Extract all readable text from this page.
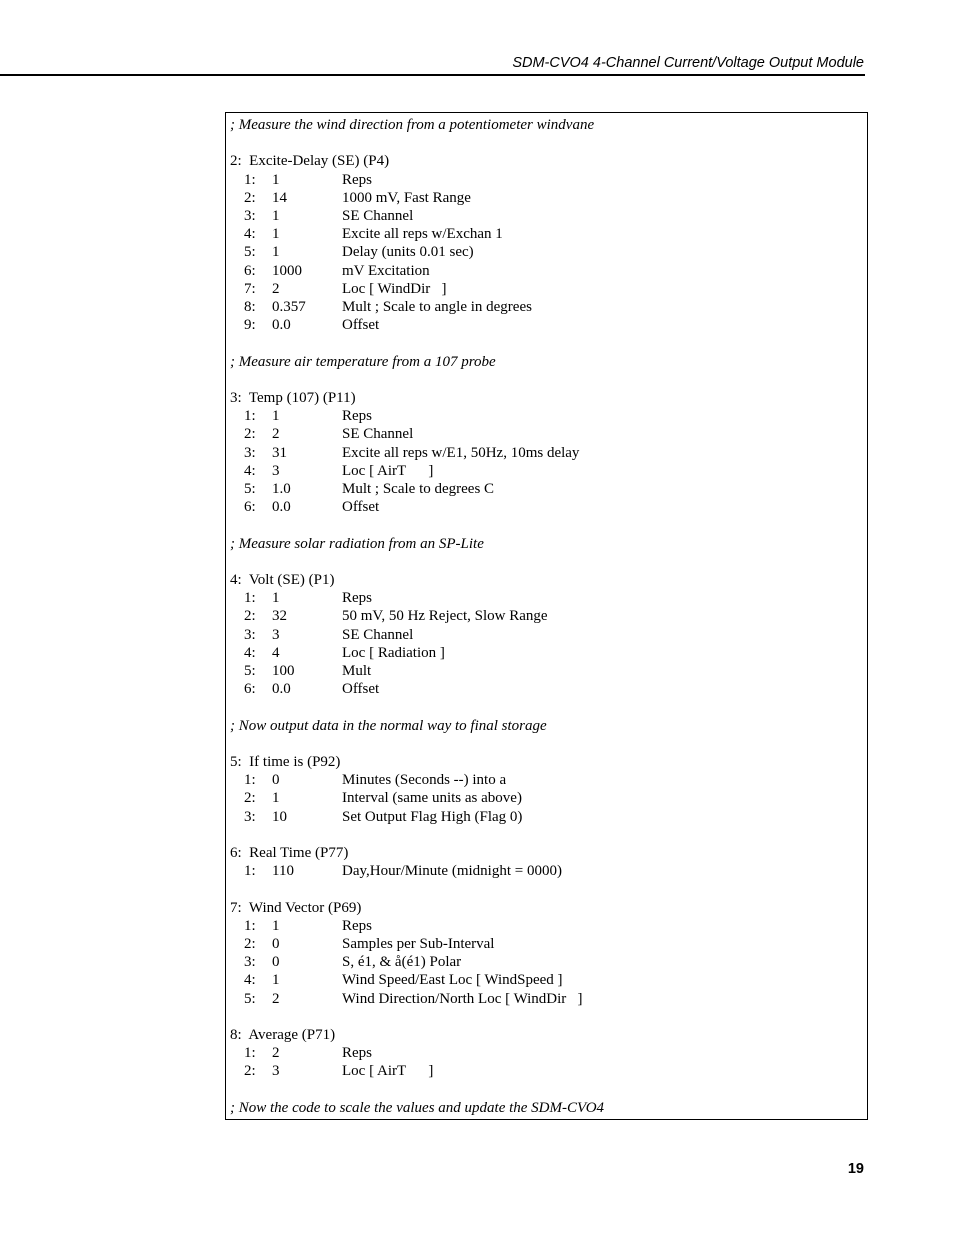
SDM-CVO4 4-Channel Current/Voltage Output Module
; Measure the wind direction from a potentiometer windvane
2:  Excite-Delay (SE) (P4)
1: 1	Reps
2: 14	1000 mV, Fast Range
3: 1	SE Channel
4: 1	Excite all reps w/Exchan 1
5: 1	Delay (units 0.01 sec)
6: 1000	mV Excitation
7: 2	Loc [ WindDir   ]
8: 0.357 Mult ; Scale to angle in degrees
9: 0.0	Offset
; Measure air temperature from a 107 probe
3:  Temp (107) (P11)
1: 1	Reps
2: 2	SE Channel
3: 31	Excite all reps w/E1, 50Hz, 10ms delay
4: 3	Loc [ AirT      ]
5: 1.0	Mult ; Scale to degrees C
6: 0.0	Offset
; Measure solar radiation from an SP-Lite
4:  Volt (SE) (P1)
1: 1	Reps
2: 32	50 mV, 50 Hz Reject, Slow Range
3: 3	SE Channel
4: 4	Loc [ Radiation ]
5: 100	Mult
6: 0.0	Offset
; Now output data in the normal way to final storage
5:  If time is (P92)
1: 0	Minutes (Seconds --) into a
2: 1	Interval (same units as above)
3: 10	Set Output Flag High (Flag 0)
6:  Real Time (P77)
1: 110	Day,Hour/Minute (midnight = 0000)
7:  Wind Vector (P69)
1: 1	Reps
2: 0	Samples per Sub-Interval
3: 0	S, é1, & å(é1) Polar
4: 1	Wind Speed/East Loc [ WindSpeed ]
5: 2	Wind Direction/North Loc [ WindDir   ]
8:  Average (P71)
1: 2	Reps
2: 3	Loc [ AirT      ]
; Now the code to scale the values and update the SDM-CVO4
19
